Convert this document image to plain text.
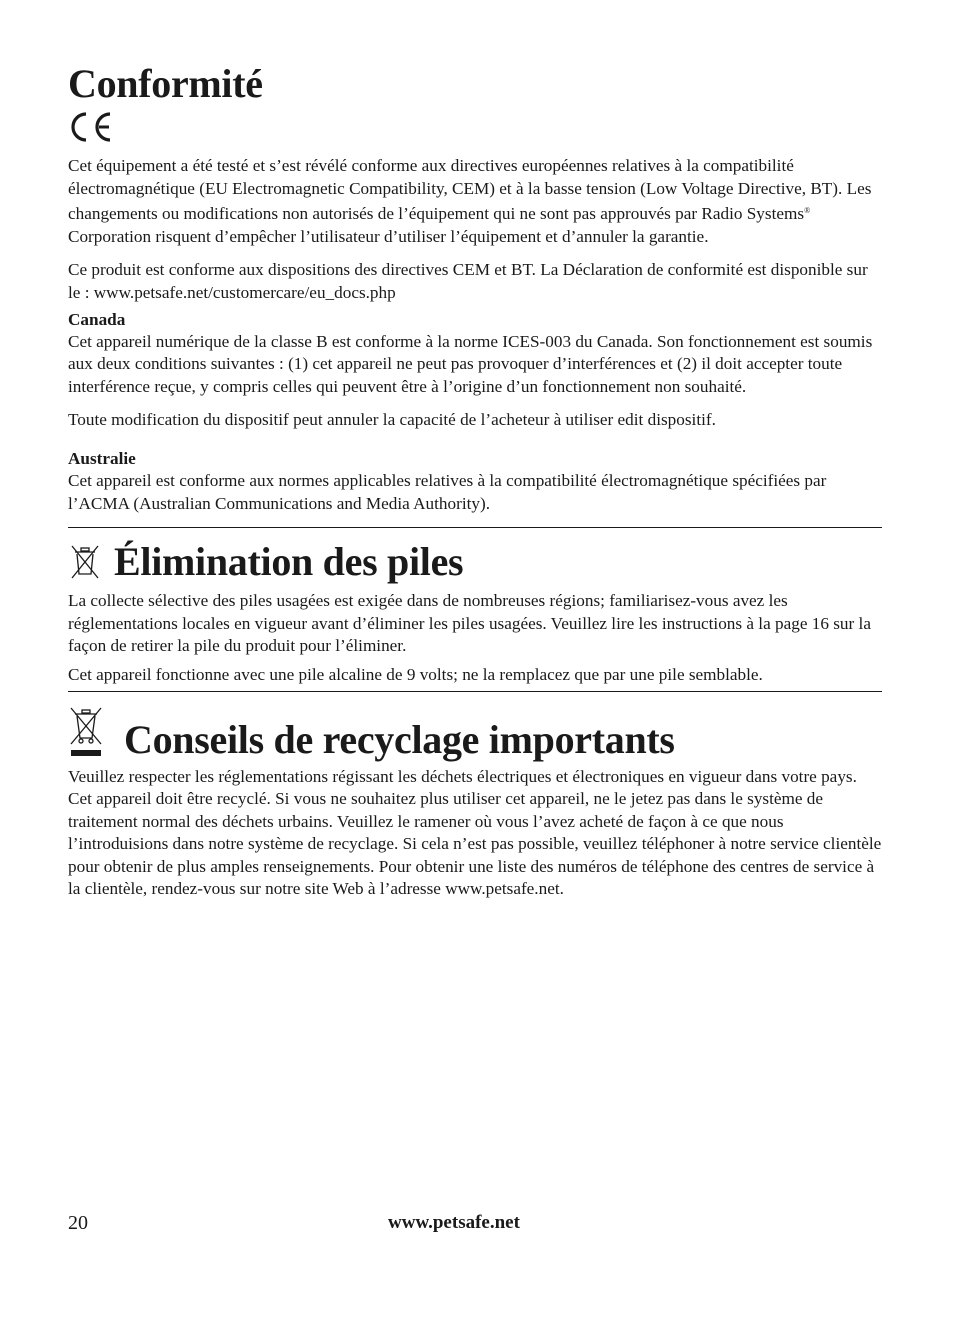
Conformité

Cet équipement a été testé et s’est révélé conforme aux directives européennes relatives à la compatibilité électromagnétique (EU Electromagnetic Compatibility, CEM) et à la basse tension (Low Voltage Directive, BT). Les changements ou modifications non autorisés de l’équipement qui ne sont pas approuvés par Radio Systems® Corporation risquent d’empêcher l’utilisateur d’utiliser l’équipement et d’annuler la garantie.

Ce produit est conforme aux dispositions des directives CEM et BT. La Déclaration de conformité est disponible sur le : www.petsafe.net/customercare/eu_docs.php

Canada

Cet appareil numérique de la classe B est conforme à la norme ICES-003 du Canada. Son fonctionnement est soumis aux deux conditions suivantes : (1) cet appareil ne peut pas provoquer d’interférences et (2) il doit accepter toute interférence reçue, y compris celles qui peuvent être à l’origine d’un fonctionnement non souhaité.

Toute modification du dispositif peut annuler la capacité de l’acheteur à utiliser edit dispositif.

Australie

Cet appareil est conforme aux normes applicables relatives à la compatibilité électromagnétique spécifiées par l’ACMA (Australian Communications and Media Authority).

Élimination des piles

La collecte sélective des piles usagées est exigée dans de nombreuses régions; familiarisez-vous avez les réglementations locales en vigueur avant d’éliminer les piles usagées. Veuillez lire les instructions à la page 16 sur la façon de retirer la pile du produit pour l’éliminer.

Cet appareil fonctionne avec une pile alcaline de 9 volts; ne la remplacez que par une pile semblable.

Conseils de recyclage importants

Veuillez respecter les réglementations régissant les déchets électriques et électroniques en vigueur dans votre pays. Cet appareil doit être recyclé. Si vous ne souhaitez plus utiliser cet appareil, ne le jetez pas dans le système de traitement normal des déchets urbains. Veuillez le ramener où vous l’avez acheté de façon à ce que nous l’introduisions dans notre système de recyclage. Si cela n’est pas possible, veuillez téléphoner à notre service clientèle pour obtenir de plus amples renseignements. Pour obtenir une liste des numéros de téléphone des centres de service à la clientèle, rendez-vous sur notre site Web à l’adresse www.petsafe.net.

20	www.petsafe.net
